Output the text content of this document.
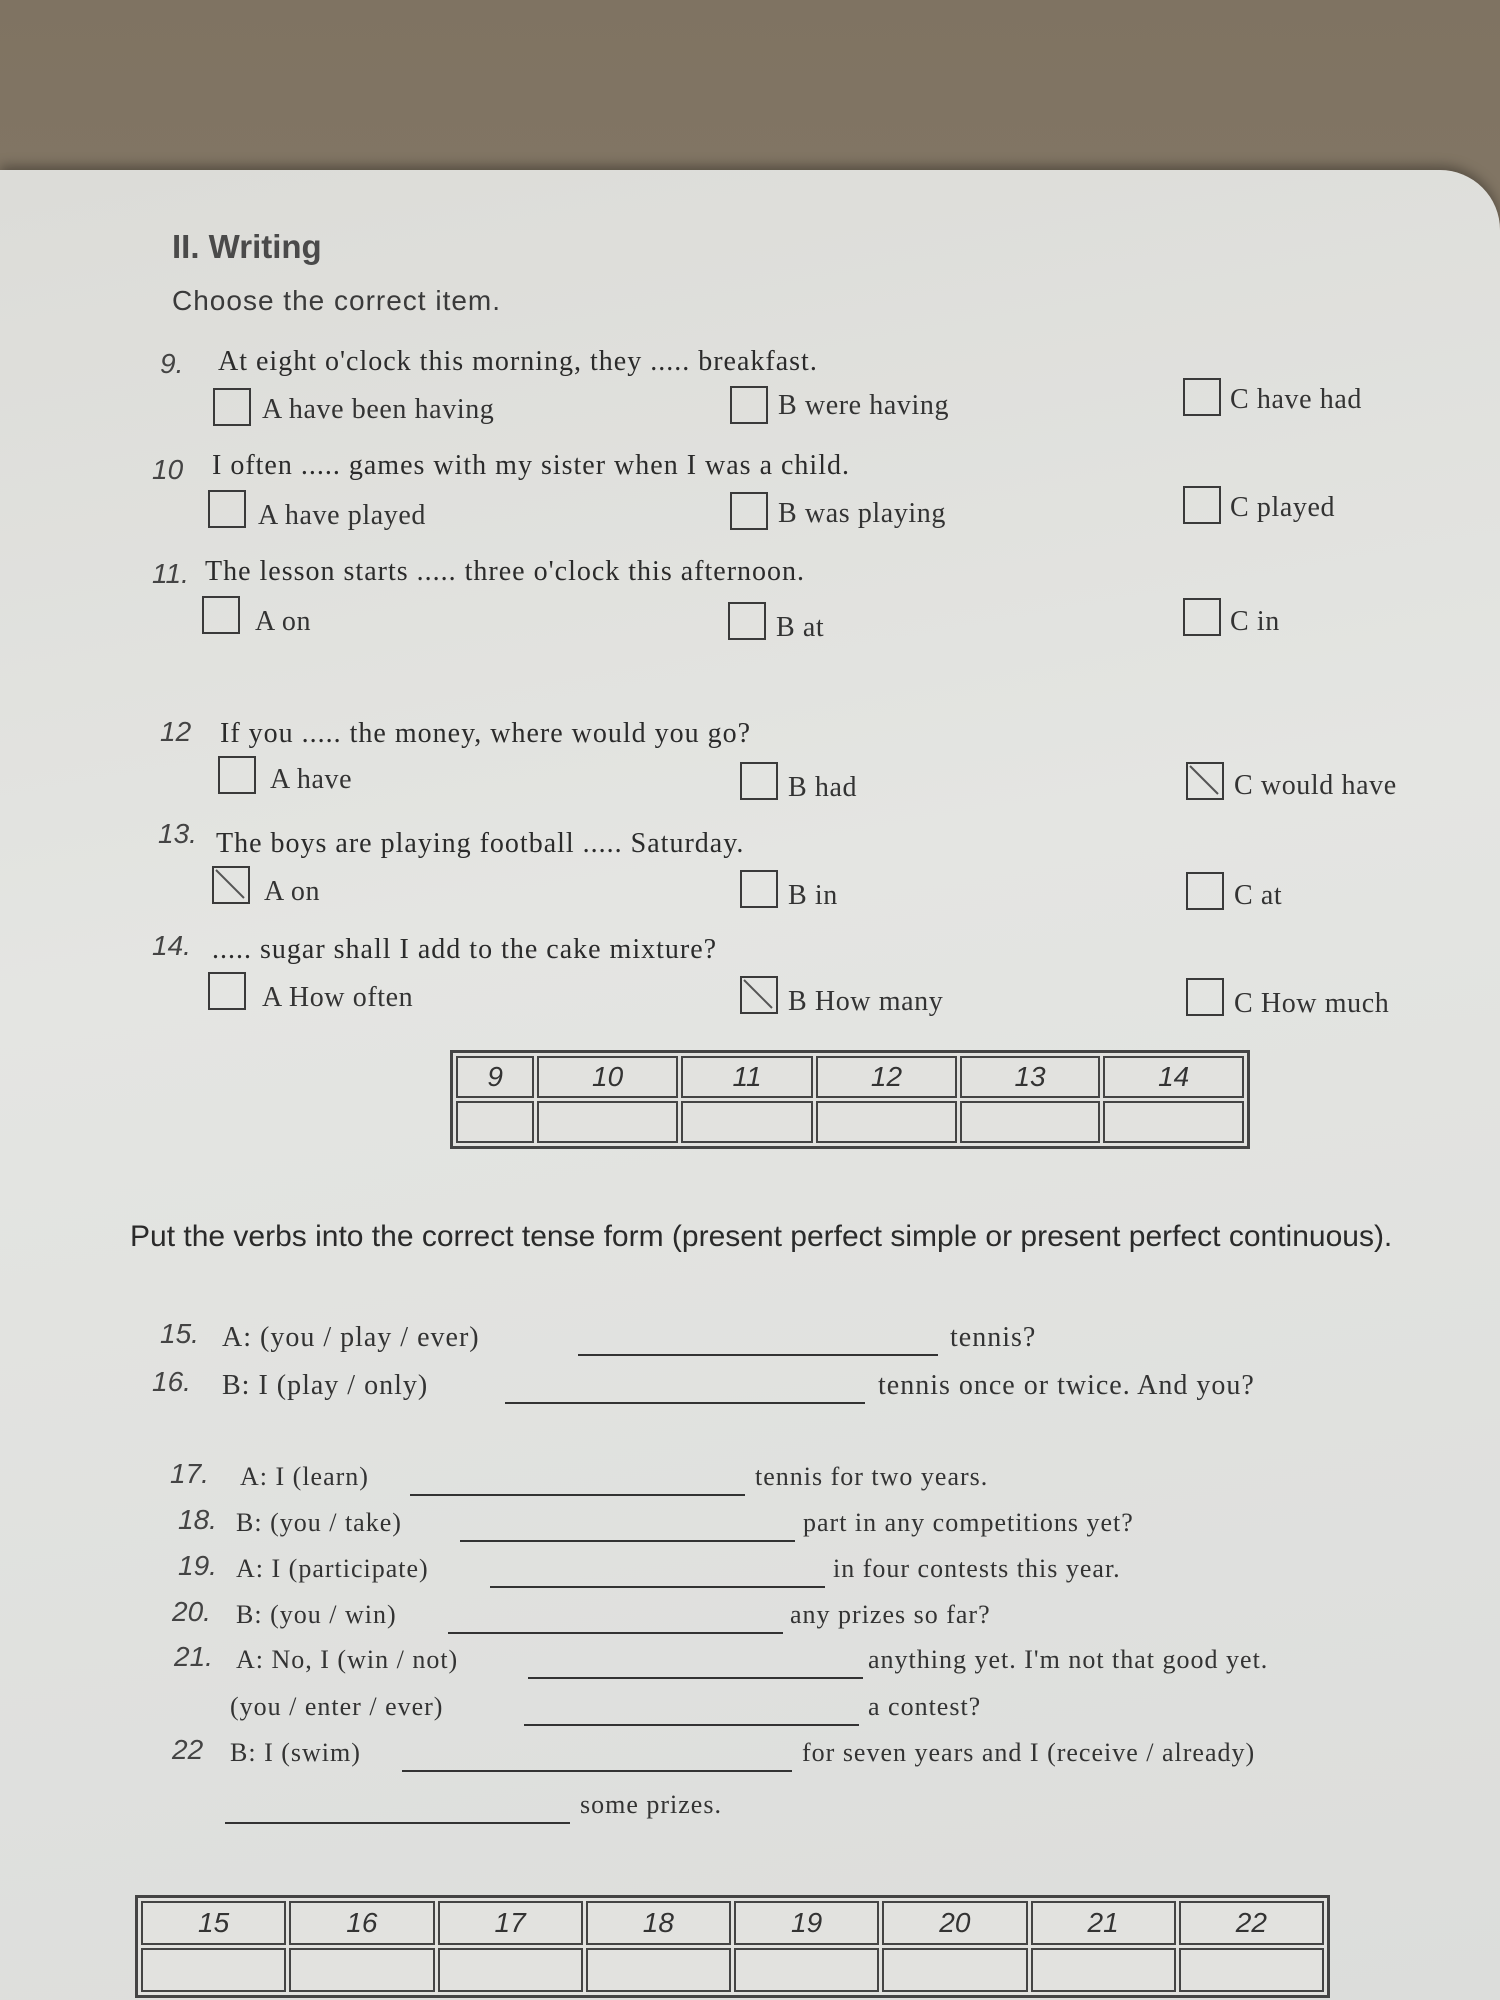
II. Writing
Choose the correct item.
9. At eight o'clock this morning, they ..... breakfast.
A have been having	B were having	C have had
10 I often ..... games with my sister when I was a child.
A have played	B was playing	C played
11. The lesson starts ..... three o'clock this afternoon.
A on	B at	C in
12 If you ..... the money, where would you go?
A have	B had	C would have
13. The boys are playing football ..... Saturday.
A on	B in	C at
14. ..... sugar shall I add to the cake mixture?
A How often	B How many	C How much
9	10	11	12	13	14

Put the verbs into the correct tense form (present perfect simple or present perfect continuous).
15. A: (you / play / ever)	tennis?
16. B: I (play / only)	tennis once or twice. And you?
17. A: I (learn)	tennis for two years.
18. B: (you / take)	part in any competitions yet?
19. A: I (participate)	in four contests this year.
20. B: (you / win)	any prizes so far?
21. A: No, I (win / not)	anything yet. I'm not that good yet.
(you / enter / ever)	a contest?
22 B: I (swim)	for seven years and I (receive / already)
some prizes.
15	16	17	18	19	20	21	22
